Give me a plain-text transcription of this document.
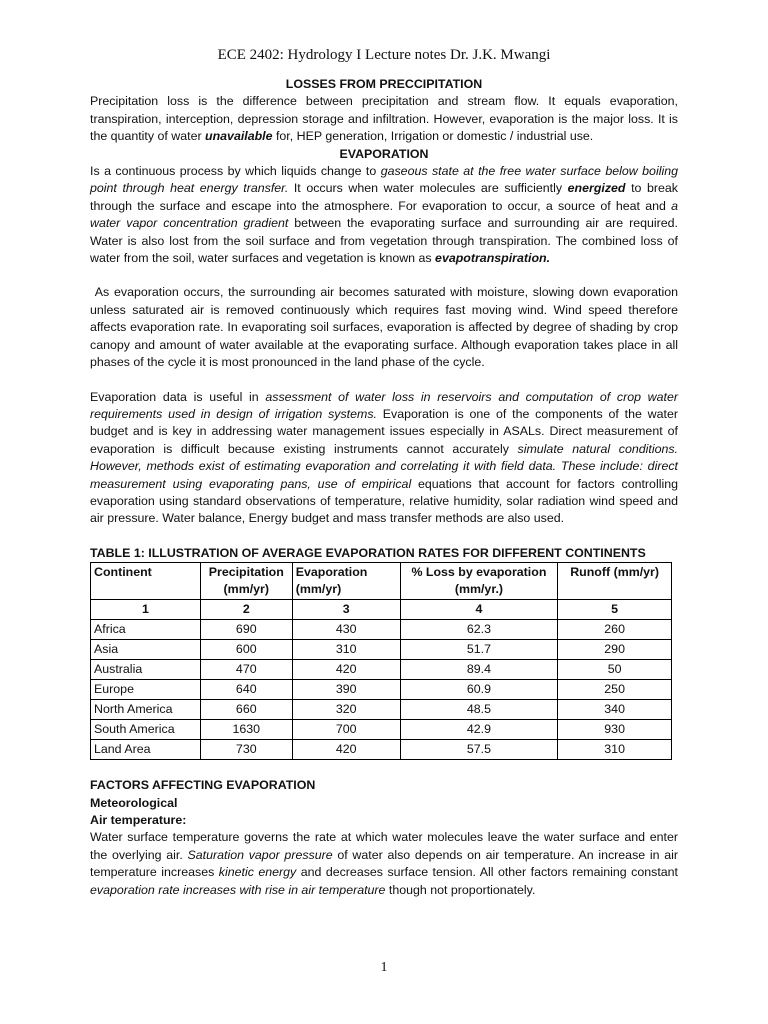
ECE 2402: Hydrology I Lecture notes Dr. J.K. Mwangi
LOSSES FROM PRECCIPITATION

Precipitation loss is the difference between precipitation and stream flow. It equals evaporation, transpiration, interception, depression storage and infiltration. However, evaporation is the major loss. It is the quantity of water unavailable for, HEP generation, Irrigation or domestic / industrial use.

EVAPORATION

Is a continuous process by which liquids change to gaseous state at the free water surface below boiling point through heat energy transfer. It occurs when water molecules are sufficiently energized to break through the surface and escape into the atmosphere. For evaporation to occur, a source of heat and a water vapor concentration gradient between the evaporating surface and surrounding air are required. Water is also lost from the soil surface and from vegetation through transpiration. The combined loss of water from the soil, water surfaces and vegetation is known as evapotranspiration.

As evaporation occurs, the surrounding air becomes saturated with moisture, slowing down evaporation unless saturated air is removed continuously which requires fast moving wind. Wind speed therefore affects evaporation rate. In evaporating soil surfaces, evaporation is affected by degree of shading by crop canopy and amount of water available at the evaporating surface. Although evaporation takes place in all phases of the cycle it is most pronounced in the land phase of the cycle.

Evaporation data is useful in assessment of water loss in reservoirs and computation of crop water requirements used in design of irrigation systems. Evaporation is one of the components of the water budget and is key in addressing water management issues especially in ASALs. Direct measurement of evaporation is difficult because existing instruments cannot accurately simulate natural conditions. However, methods exist of estimating evaporation and correlating it with field data. These include: direct measurement using evaporating pans, use of empirical equations that account for factors controlling evaporation using standard observations of temperature, relative humidity, solar radiation wind speed and air pressure. Water balance, Energy budget and mass transfer methods are also used.

TABLE 1: ILLUSTRATION OF AVERAGE EVAPORATION RATES FOR DIFFERENT CONTINENTS
Continent	Precipitation (mm/yr)	Evaporation (mm/yr)	% Loss by evaporation (mm/yr.)	Runoff (mm/yr)
1	2	3	4	5
Africa	690	430	62.3	260
Asia	600	310	51.7	290
Australia	470	420	89.4	50
Europe	640	390	60.9	250
North America	660	320	48.5	340
South America	1630	700	42.9	930
Land Area	730	420	57.5	310
FACTORS AFFECTING EVAPORATION
Meteorological
Air temperature:

Water surface temperature governs the rate at which water molecules leave the water surface and enter the overlying air. Saturation vapor pressure of water also depends on air temperature. An increase in air temperature increases kinetic energy and decreases surface tension. All other factors remaining constant evaporation rate increases with rise in air temperature though not proportionately.

1
